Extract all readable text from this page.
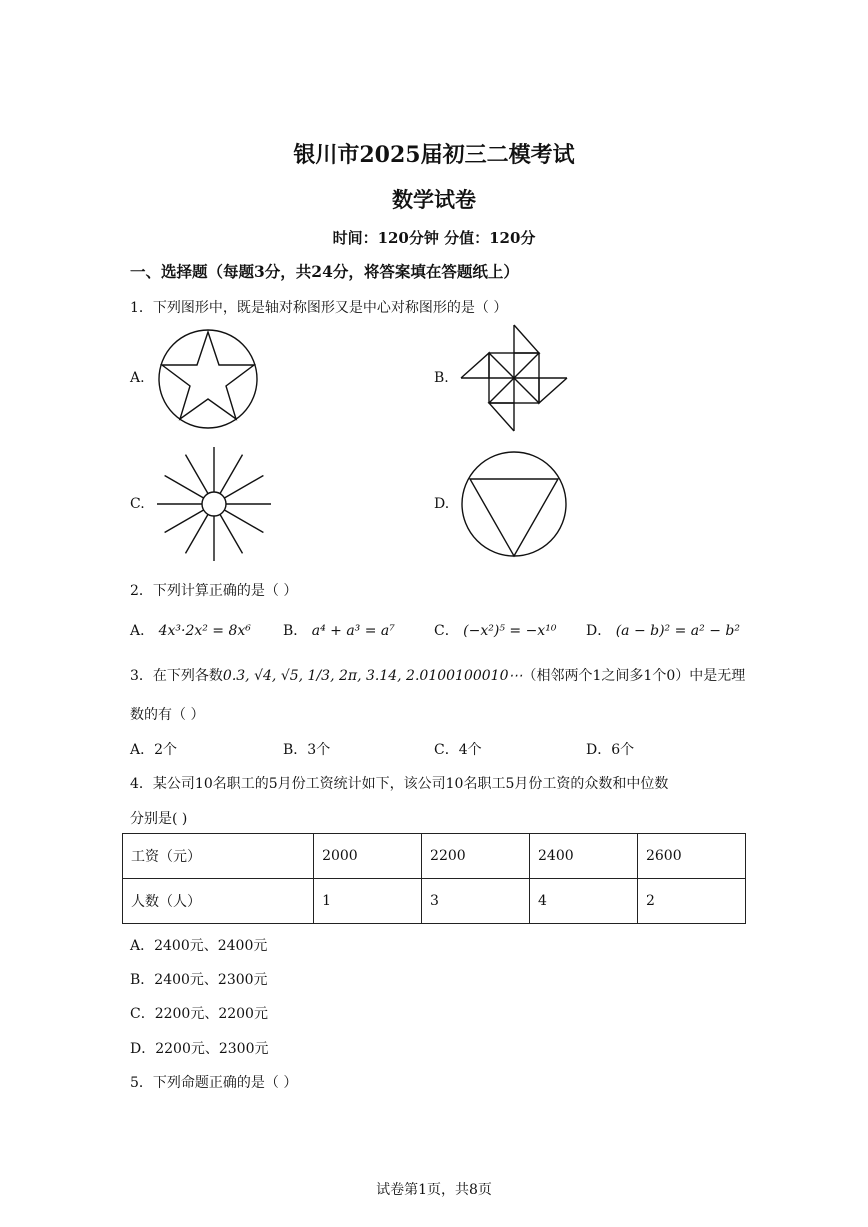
银川市2025届初三二模考试
数学试卷
时间：120分钟 分值：120分
一、选择题（每题3分，共24分，将答案填在答题纸上）
1．下列图形中，既是轴对称图形又是中心对称图形的是（ ）
A.	B.
C.	D.
2．下列计算正确的是（ ）
A． 4x³·2x² = 8x⁶ B． a⁴ + a³ = a⁷	C． (−x²)⁵ = −x¹⁰ D． (a − b)² = a² − b²
3．在下列各数0.3, √4, √5, 1/3, 2π, 3.14, 2.0100100010⋯（相邻两个1之间多1个0）中是无理
数的有（ ）
A．2个	B．3个	C．4个	D．6个
4．某公司10名职工的5月份工资统计如下，该公司10名职工5月份工资的众数和中位数
分别是( )
工资（元）	2000	2200	2400	2600
人数（人）	1	3	4	2
A．2400元、2400元
B．2400元、2300元
C．2200元、2200元
D．2200元、2300元
5．下列命题正确的是（ ）
试卷第1页，共8页
